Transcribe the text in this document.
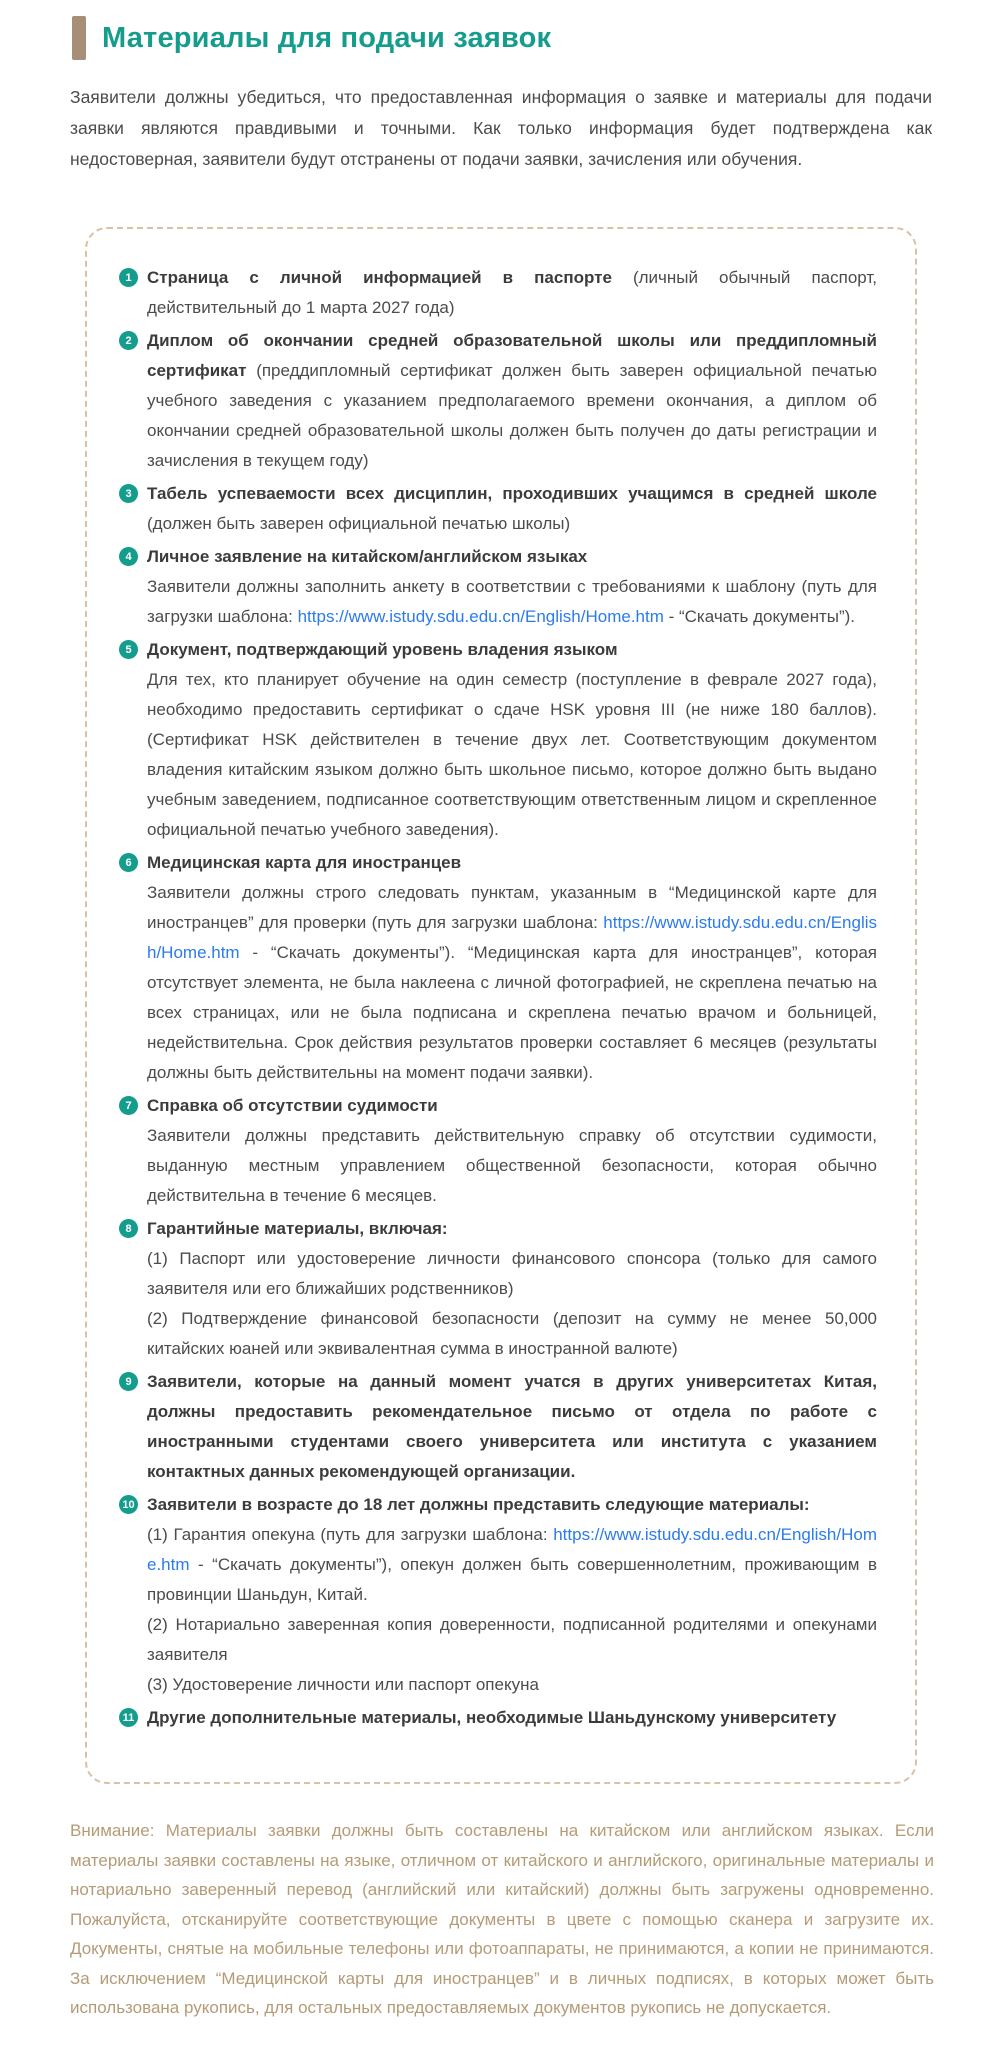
Материалы для подачи заявок

Заявители должны убедиться, что предоставленная информация о заявке и материалы для подачи заявки являются правдивыми и точными. Как только информация будет подтверждена как недостоверная, заявители будут отстранены от подачи заявки, зачисления или обучения.

1 Страница с личной информацией в паспорте (личный обычный паспорт, действительный до 1 марта 2027 года)
2 Диплом об окончании средней образовательной школы или преддипломный сертификат (преддипломный сертификат должен быть заверен официальной печатью учебного заведения с указанием предполагаемого времени окончания, а диплом об окончании средней образовательной школы должен быть получен до даты регистрации и зачисления в текущем году)
3 Табель успеваемости всех дисциплин, проходивших учащимся в средней школе (должен быть заверен официальной печатью школы)
4 Личное заявление на китайском/английском языках
Заявители должны заполнить анкету в соответствии с требованиями к шаблону (путь для загрузки шаблона: https://www.istudy.sdu.edu.cn/English/Home.htm - “Скачать документы”).
5 Документ, подтверждающий уровень владения языком
Для тех, кто планирует обучение на один семестр (поступление в феврале 2027 года), необходимо предоставить сертификат о сдаче HSK уровня III (не ниже 180 баллов). (Сертификат HSK действителен в течение двух лет. Соответствующим документом владения китайским языком должно быть школьное письмо, которое должно быть выдано учебным заведением, подписанное соответствующим ответственным лицом и скрепленное официальной печатью учебного заведения).
6 Медицинская карта для иностранцев
Заявители должны строго следовать пунктам, указанным в “Медицинской карте для иностранцев” для проверки (путь для загрузки шаблона: https://www.istudy.sdu.edu.cn/English/Home.htm - “Скачать документы”). “Медицинская карта для иностранцев”, которая отсутствует элемента, не была наклеена с личной фотографией, не скреплена печатью на всех страницах, или не была подписана и скреплена печатью врачом и больницей, недействительна. Срок действия результатов проверки составляет 6 месяцев (результаты должны быть действительны на момент подачи заявки).
7 Справка об отсутствии судимости
Заявители должны представить действительную справку об отсутствии судимости, выданную местным управлением общественной безопасности, которая обычно действительна в течение 6 месяцев.
8 Гарантийные материалы, включая:
(1) Паспорт или удостоверение личности финансового спонсора (только для самого заявителя или его ближайших родственников)
(2) Подтверждение финансовой безопасности (депозит на сумму не менее 50,000 китайских юаней или эквивалентная сумма в иностранной валюте)
9 Заявители, которые на данный момент учатся в других университетах Китая, должны предоставить рекомендательное письмо от отдела по работе с иностранными студентами своего университета или института с указанием контактных данных рекомендующей организации.
10 Заявители в возрасте до 18 лет должны представить следующие материалы:
(1) Гарантия опекуна (путь для загрузки шаблона: https://www.istudy.sdu.edu.cn/English/Home.htm - “Скачать документы”), опекун должен быть совершеннолетним, проживающим в провинции Шаньдун, Китай.
(2) Нотариально заверенная копия доверенности, подписанной родителями и опекунами заявителя
(3) Удостоверение личности или паспорт опекуна
11 Другие дополнительные материалы, необходимые Шаньдунскому университету

Внимание: Материалы заявки должны быть составлены на китайском или английском языках. Если материалы заявки составлены на языке, отличном от китайского и английского, оригинальные материалы и нотариально заверенный перевод (английский или китайский) должны быть загружены одновременно. Пожалуйста, отсканируйте соответствующие документы в цвете с помощью сканера и загрузите их. Документы, снятые на мобильные телефоны или фотоаппараты, не принимаются, а копии не принимаются. За исключением “Медицинской карты для иностранцев” и в личных подписях, в которых может быть использована рукопись, для остальных предоставляемых документов рукопись не допускается.
